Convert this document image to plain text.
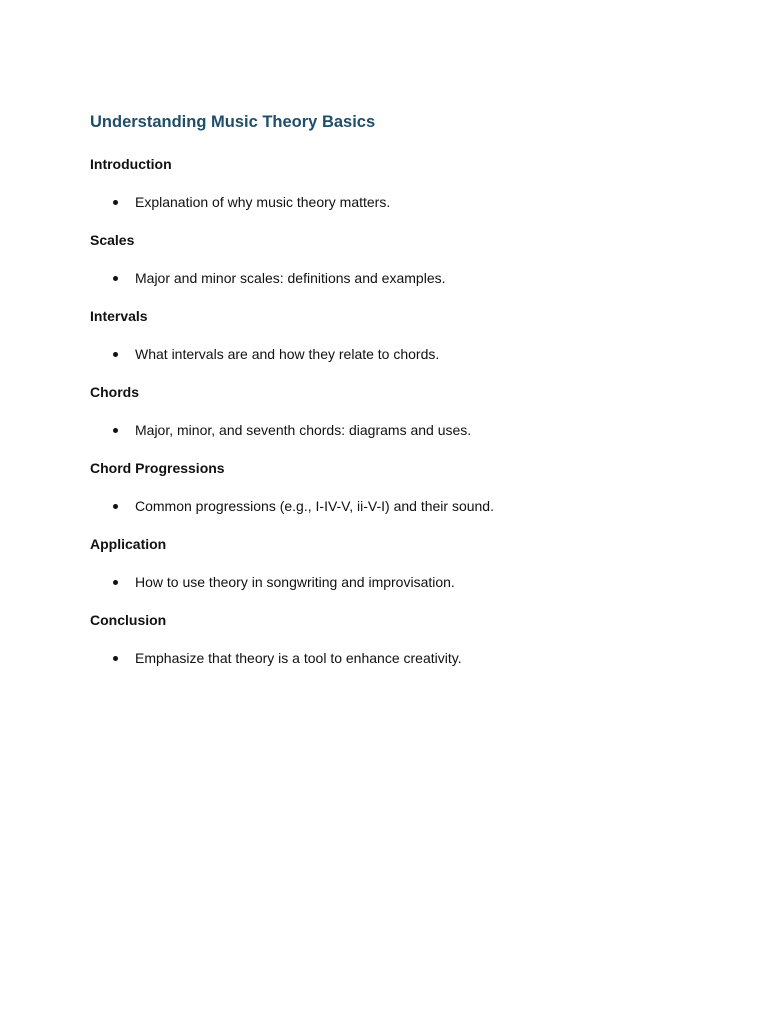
Understanding Music Theory Basics
Introduction
Explanation of why music theory matters.
Scales
Major and minor scales: definitions and examples.
Intervals
What intervals are and how they relate to chords.
Chords
Major, minor, and seventh chords: diagrams and uses.
Chord Progressions
Common progressions (e.g., I-IV-V, ii-V-I) and their sound.
Application
How to use theory in songwriting and improvisation.
Conclusion
Emphasize that theory is a tool to enhance creativity.
